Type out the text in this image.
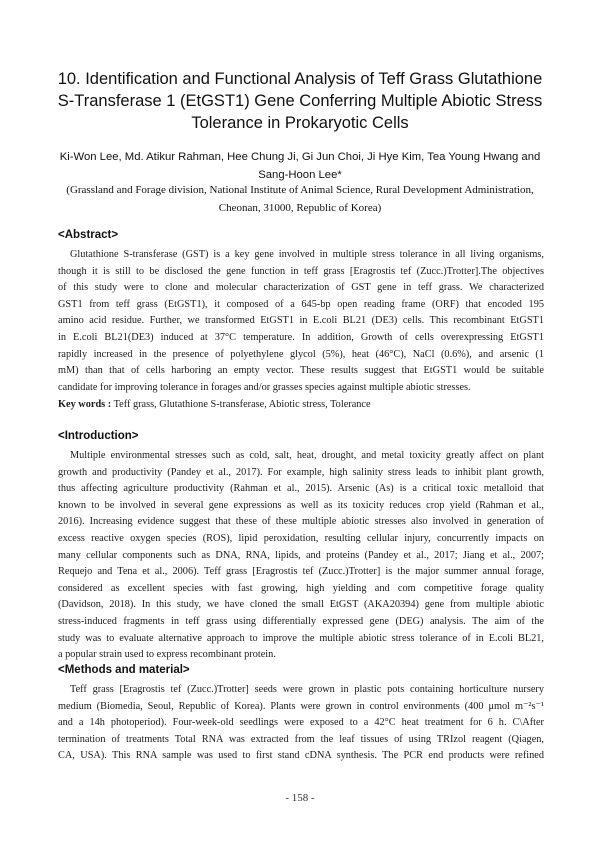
10. Identification and Functional Analysis of Teff Grass Glutathione
S-Transferase 1 (EtGST1) Gene Conferring Multiple Abiotic Stress
Tolerance in Prokaryotic Cells
Ki-Won Lee, Md. Atikur Rahman, Hee Chung Ji, Gi Jun Choi, Ji Hye Kim, Tea Young Hwang and
Sang-Hoon Lee*
(Grassland and Forage division, National Institute of Animal Science, Rural Development Administration,
Cheonan, 31000, Republic of Korea)
<Abstract>
Glutathione S-transferase (GST) is a key gene involved in multiple stress tolerance in all living organisms,
though it is still to be disclosed the gene function in teff grass [Eragrostis tef (Zucc.)Trotter].The objectives
of this study were to clone and molecular characterization of GST gene in teff grass. We characterized
GST1 from teff grass (EtGST1), it composed of a 645-bp open reading frame (ORF) that encoded 195
amino acid residue. Further, we transformed EtGST1 in E.coli BL21 (DE3) cells. This recombinant EtGST1
in E.coli BL21(DE3) induced at 37°C temperature. In addition, Growth of cells overexpressing EtGST1
rapidly increased in the presence of polyethylene glycol (5%), heat (46°C), NaCl (0.6%), and arsenic (1
mM) than that of cells harboring an empty vector. These results suggest that EtGST1 would be suitable
candidate for improving tolerance in forages and/or grasses species against multiple abiotic stresses.
Key words : Teff grass, Glutathione S-transferase, Abiotic stress, Tolerance
<Introduction>
Multiple environmental stresses such as cold, salt, heat, drought, and metal toxicity greatly affect on plant
growth and productivity (Pandey et al., 2017). For example, high salinity stress leads to inhibit plant growth,
thus affecting agriculture productivity (Rahman et al., 2015). Arsenic (As) is a critical toxic metalloid that
known to be involved in several gene expressions as well as its toxicity reduces crop yield (Rahman et al.,
2016). Increasing evidence suggest that these of these multiple abiotic stresses also involved in generation of
excess reactive oxygen species (ROS), lipid peroxidation, resulting cellular injury, concurrently impacts on
many cellular components such as DNA, RNA, lipids, and proteins (Pandey et al., 2017; Jiang et al., 2007;
Requejo and Tena et al., 2006). Teff grass [Eragrostis tef (Zucc.)Trotter] is the major summer annual forage,
considered as excellent species with fast growing, high yielding and com competitive forage quality
(Davidson, 2018). In this study, we have cloned the small EtGST (AKA20394) gene from multiple abiotic
stress-induced fragments in teff grass using differentially expressed gene (DEG) analysis. The aim of the
study was to evaluate alternative approach to improve the multiple abiotic stress tolerance of in E.coli BL21,
a popular strain used to express recombinant protein.
<Methods and material>
Teff grass [Eragrostis tef (Zucc.)Trotter] seeds were grown in plastic pots containing horticulture nursery
medium (Biomedia, Seoul, Republic of Korea). Plants were grown in control environments (400 μmol m⁻²s⁻¹
and a 14h photoperiod). Four-week-old seedlings were exposed to a 42°C heat treatment for 6 h. C\After
termination of treatments Total RNA was extracted from the leaf tissues of using TRIzol reagent (Qiagen,
CA, USA). This RNA sample was used to first stand cDNA synthesis. The PCR end products were refined
- 158 -
